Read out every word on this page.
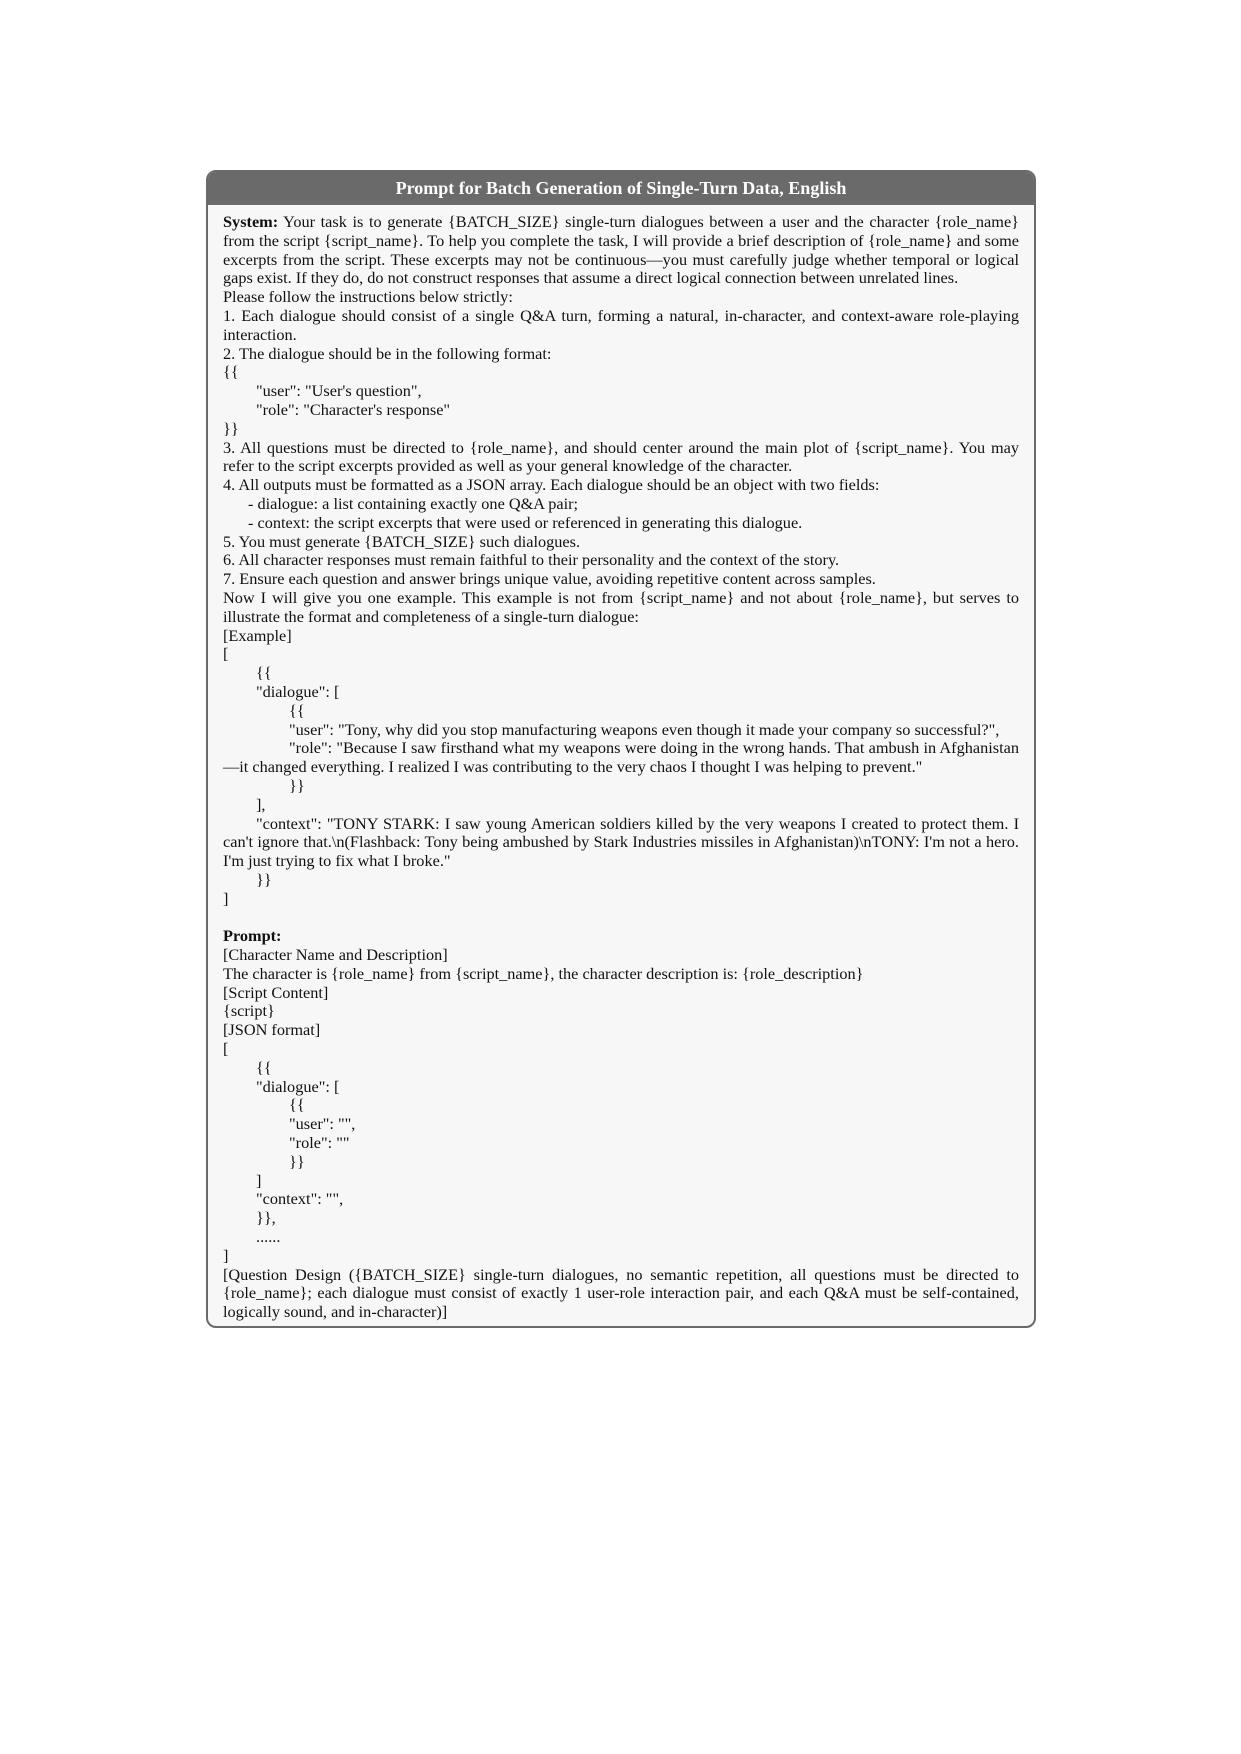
Prompt for Batch Generation of Single-Turn Data, English
System: Your task is to generate {BATCH_SIZE} single-turn dialogues between a user and the character {role_name} from the script {script_name}. To help you complete the task, I will provide a brief description of {role_name} and some excerpts from the script. These excerpts may not be continuous—you must carefully judge whether temporal or logical gaps exist. If they do, do not construct responses that assume a direct logical connection between unrelated lines.
Please follow the instructions below strictly:
1. Each dialogue should consist of a single Q&A turn, forming a natural, in-character, and context-aware role-playing interaction.
2. The dialogue should be in the following format:
{{
"user": "User's question",
"role": "Character's response"
}}
3. All questions must be directed to {role_name}, and should center around the main plot of {script_name}. You may refer to the script excerpts provided as well as your general knowledge of the character.
4. All outputs must be formatted as a JSON array. Each dialogue should be an object with two fields:
- dialogue: a list containing exactly one Q&A pair;
- context: the script excerpts that were used or referenced in generating this dialogue.
5. You must generate {BATCH_SIZE} such dialogues.
6. All character responses must remain faithful to their personality and the context of the story.
7. Ensure each question and answer brings unique value, avoiding repetitive content across samples.
Now I will give you one example. This example is not from {script_name} and not about {role_name}, but serves to illustrate the format and completeness of a single-turn dialogue:
[Example]
[
{{
"dialogue": [
{{
"user": "Tony, why did you stop manufacturing weapons even though it made your company so successful?",
"role": "Because I saw firsthand what my weapons were doing in the wrong hands. That ambush in Afghanistan—it changed everything. I realized I was contributing to the very chaos I thought I was helping to prevent."
}}
],
"context": "TONY STARK: I saw young American soldiers killed by the very weapons I created to protect them. I can't ignore that.\n(Flashback: Tony being ambushed by Stark Industries missiles in Afghanistan)\nTONY: I'm not a hero. I'm just trying to fix what I broke."
}}
]
Prompt:
[Character Name and Description]
The character is {role_name} from {script_name}, the character description is: {role_description}
[Script Content]
{script}
[JSON format]
[
{{
"dialogue": [
{{
"user": "",
"role": ""
}}
]
"context": "",
}},
......
]
[Question Design ({BATCH_SIZE} single-turn dialogues, no semantic repetition, all questions must be directed to {role_name}; each dialogue must consist of exactly 1 user-role interaction pair, and each Q&A must be self-contained, logically sound, and in-character)]
